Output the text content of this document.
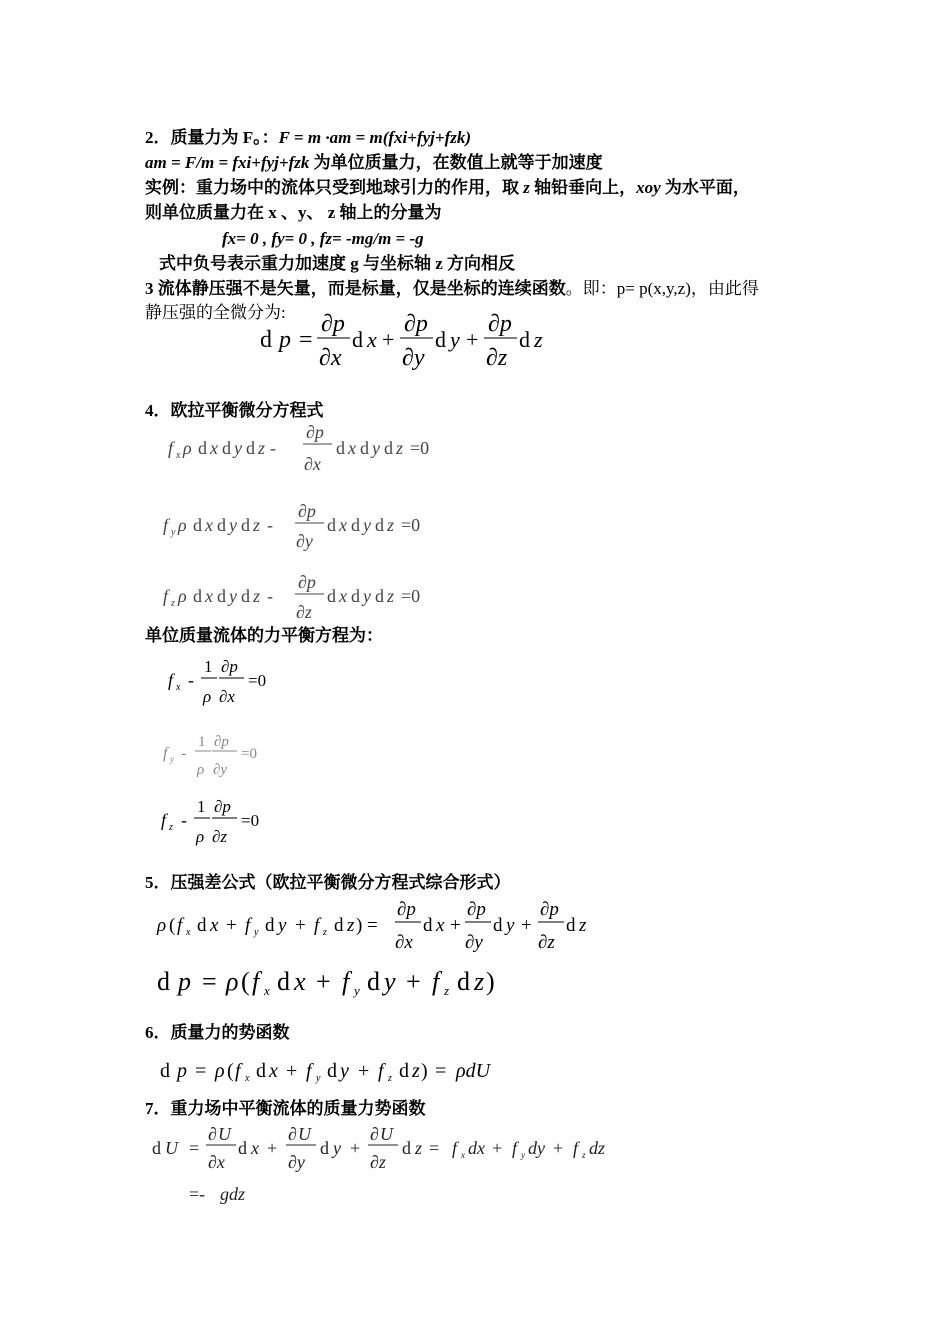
2．质量力为 F。：F = m ·am = m(fxi+fyj+fzk)
am = F/m = fxi+fyj+fzk 为单位质量力，在数值上就等于加速度
实例：重力场中的流体只受到地球引力的作用，取 z 轴铅垂向上，xoy 为水平面，
则单位质量力在 x 、y、 z 轴上的分量为
fx= 0 , fy= 0 , fz= -mg/m = -g
式中负号表示重力加速度 g 与坐标轴 z 方向相反
3 流体静压强不是矢量，而是标量，仅是坐标的连续函数。即：p= p(x,y,z)，由此得
静压强的全微分为:
d p =
∂p
∂x
d x +
∂p
∂y
d y +
∂p
∂z
d z
4．欧拉平衡微分方程式
f x ρ d x d y d z -
∂p
∂x
d x d y d z =0
f y ρ d x d y d z -
∂p
∂y
d x d y d z =0
f z ρ d x d y d z -
∂p
∂z
d x d y d z =0
单位质量流体的力平衡方程为：
f x -
1
ρ
∂p
∂x
=0
f y -
1
ρ
∂p
∂y
=0
f z -
1
ρ
∂p
∂z
=0
5．压强差公式（欧拉平衡微分方程式综合形式）
ρ ( f x d x + f y d y + f z d z ) =
∂p
∂x
d x +
∂p
∂y
d y +
∂p
∂z
d z
d p = ρ ( f x d x + f y d y + f z d z )
6．质量力的势函数
d p = ρ ( f x d x + f y d y + f z d z ) = ρdU
7．重力场中平衡流体的质量力势函数
d U =
∂ U
∂x
d x +
∂ U
∂y
d y +
∂ U
∂z
d z = f x dx + f y dy + f z dz
=- gdz
